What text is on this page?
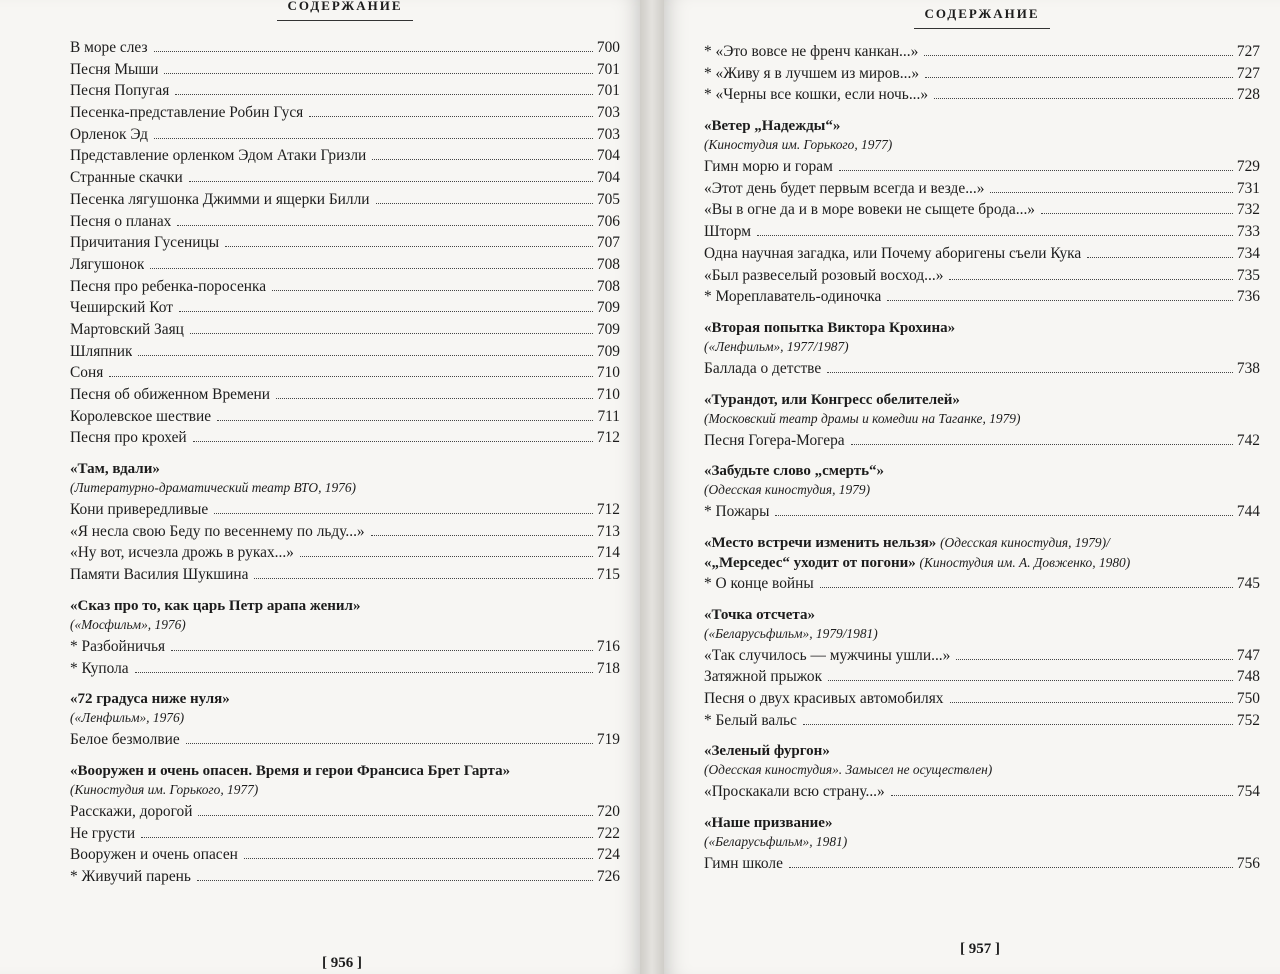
СОДЕРЖАНИЕ
В море слез	700
Песня Мыши	701
Песня Попугая	701
Песенка-представление Робин Гуся	703
Орленок Эд	703
Представление орленком Эдом Атаки Гризли	704
Странные скачки	704
Песенка лягушонка Джимми и ящерки Билли	705
Песня о планах	706
Причитания Гусеницы	707
Лягушонок	708
Песня про ребенка-поросенка	708
Чеширский Кот	709
Мартовский Заяц	709
Шляпник	709
Соня	710
Песня об обиженном Времени	710
Королевское шествие	711
Песня про крохей	712
«Там, вдали»
(Литературно-драматический театр ВТО, 1976)
Кони привередливые	712
«Я несла свою Беду по весеннему по льду...»	713
«Ну вот, исчезла дрожь в руках...»	714
Памяти Василия Шукшина	715
«Сказ про то, как царь Петр арапа женил»
(«Мосфильм», 1976)
* Разбойничья	716
* Купола	718
«72 градуса ниже нуля»
(«Ленфильм», 1976)
Белое безмолвие	719
«Вооружен и очень опасен. Время и герои Франсиса Брет Гарта»
(Киностудия им. Горького, 1977)
Расскажи, дорогой	720
Не грусти	722
Вооружен и очень опасен	724
* Живучий парень	726
[ 956 ]
СОДЕРЖАНИЕ
* «Это вовсе не френч канкан...»	727
* «Живу я в лучшем из миров...»	727
* «Черны все кошки, если ночь...»	728
«Ветер „Надежды“»
(Киностудия им. Горького, 1977)
Гимн морю и горам	729
«Этот день будет первым всегда и везде...»	731
«Вы в огне да и в море вовеки не сыщете брода...»	732
Шторм	733
Одна научная загадка, или Почему аборигены съели Кука	734
«Был развеселый розовый восход...»	735
* Мореплаватель-одиночка	736
«Вторая попытка Виктора Крохина»
(«Ленфильм», 1977/1987)
Баллада о детстве	738
«Турандот, или Конгресс обелителей»
(Московский театр драмы и комедии на Таганке, 1979)
Песня Гогера-Могера	742
«Забудьте слово „смерть“»
(Одесская киностудия, 1979)
* Пожары	744
«Место встречи изменить нельзя» (Одесская киностудия, 1979)/
«„Мерседес“ уходит от погони» (Киностудия им. А. Довженко, 1980)
* О конце войны	745
«Точка отсчета»
(«Беларусьфильм», 1979/1981)
«Так случилось — мужчины ушли...»	747
Затяжной прыжок	748
Песня о двух красивых автомобилях	750
* Белый вальс	752
«Зеленый фургон»
(Одесская киностудия». Замысел не осуществлен)
«Проскакали всю страну...»	754
«Наше призвание»
(«Беларусьфильм», 1981)
Гимн школе	756
[ 957 ]
